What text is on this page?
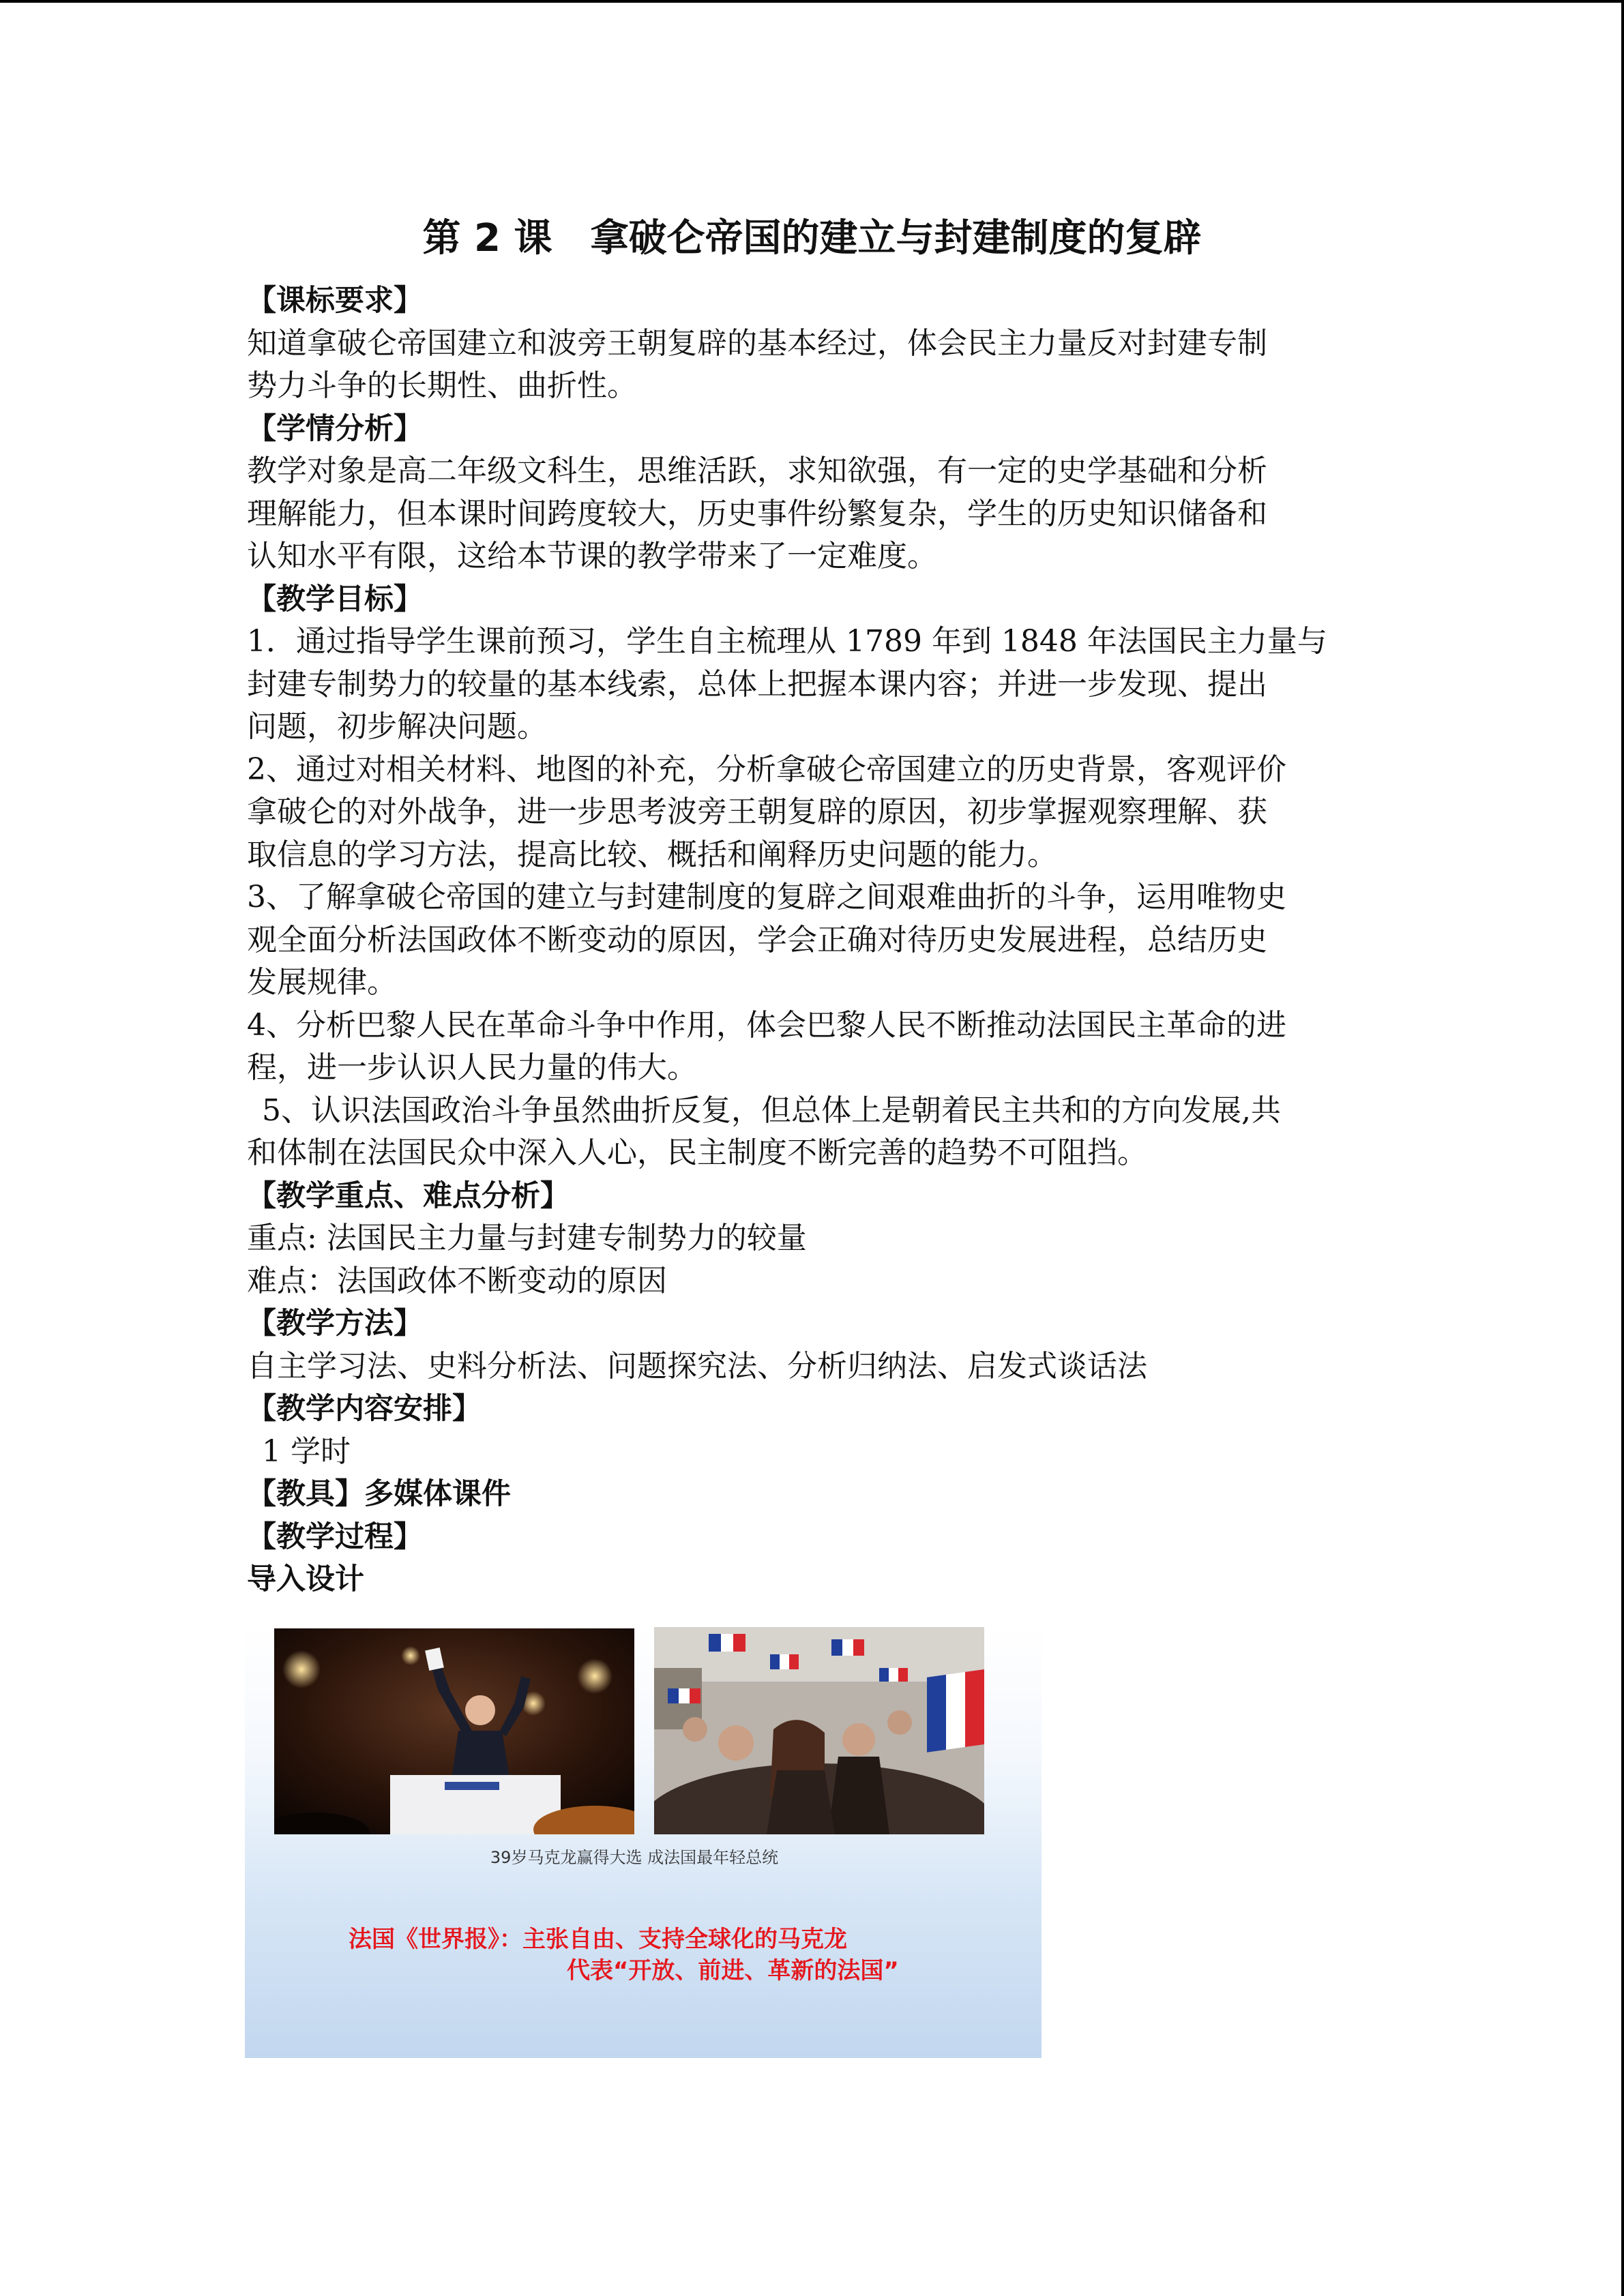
第 2 课　拿破仑帝国的建立与封建制度的复辟

【课标要求】

知道拿破仑帝国建立和波旁王朝复辟的基本经过，体会民主力量反对封建专制

势力斗争的长期性、曲折性。

【学情分析】

教学对象是高二年级文科生，思维活跃，求知欲强，有一定的史学基础和分析

理解能力，但本课时间跨度较大，历史事件纷繁复杂，学生的历史知识储备和

认知水平有限，这给本节课的教学带来了一定难度。

【教学目标】

1．通过指导学生课前预习，学生自主梳理从 1789 年到 1848 年法国民主力量与

封建专制势力的较量的基本线索，总体上把握本课内容；并进一步发现、提出

问题，初步解决问题。

2、通过对相关材料、地图的补充，分析拿破仑帝国建立的历史背景，客观评价

拿破仑的对外战争，进一步思考波旁王朝复辟的原因，初步掌握观察理解、获

取信息的学习方法，提高比较、概括和阐释历史问题的能力。

3、了解拿破仑帝国的建立与封建制度的复辟之间艰难曲折的斗争，运用唯物史

观全面分析法国政体不断变动的原因，学会正确对待历史发展进程，总结历史

发展规律。

4、分析巴黎人民在革命斗争中作用，体会巴黎人民不断推动法国民主革命的进

程，进一步认识人民力量的伟大。

5、认识法国政治斗争虽然曲折反复，但总体上是朝着民主共和的方向发展,共

和体制在法国民众中深入人心，民主制度不断完善的趋势不可阻挡。

【教学重点、难点分析】

重点: 法国民主力量与封建专制势力的较量

难点：法国政体不断变动的原因

【教学方法】

自主学习法、史料分析法、问题探究法、分析归纳法、启发式谈话法

【教学内容安排】

1 学时

【教具】多媒体课件

【教学过程】

导入设计

39岁马克龙赢得大选 成法国最年轻总统
法国《世界报》：主张自由、支持全球化的马克龙
代表“开放、前进、革新的法国”
